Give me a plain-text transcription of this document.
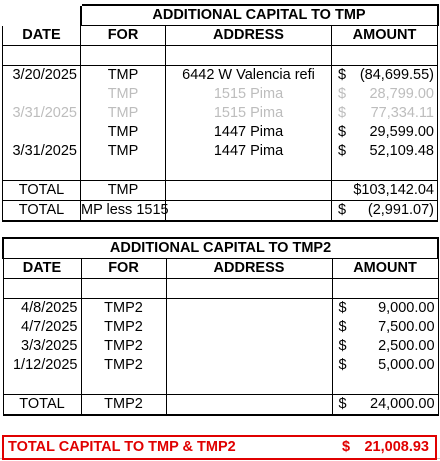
	ADDITIONAL CAPITAL TO TMP		
DATE	FOR	ADDRESS	AMOUNT

3/20/2025	TMP	6442 W Valencia refi	$ (84,699.55)

	TMP	1515 Pima	$ 28,799.00

3/31/2025	TMP	1515 Pima	$ 77,334.11

	TMP	1447 Pima	$ 29,599.00

3/31/2025	TMP	1447 Pima	$ 52,109.48

TOTAL	TMP		$103,142.04
TOTAL	MP less 1515		$ (2,991.07)
ADDITIONAL CAPITAL TO TMP2			
DATE	FOR	ADDRESS	AMOUNT

4/8/2025	TMP2		$ 9,000.00

4/7/2025	TMP2		$ 7,500.00

3/3/2025	TMP2		$ 2,500.00

1/12/2025	TMP2		$ 5,000.00

TOTAL	TMP2		$ 24,000.00
TOTAL CAPITAL TO TMP & TMP2	$ 21,008.93
